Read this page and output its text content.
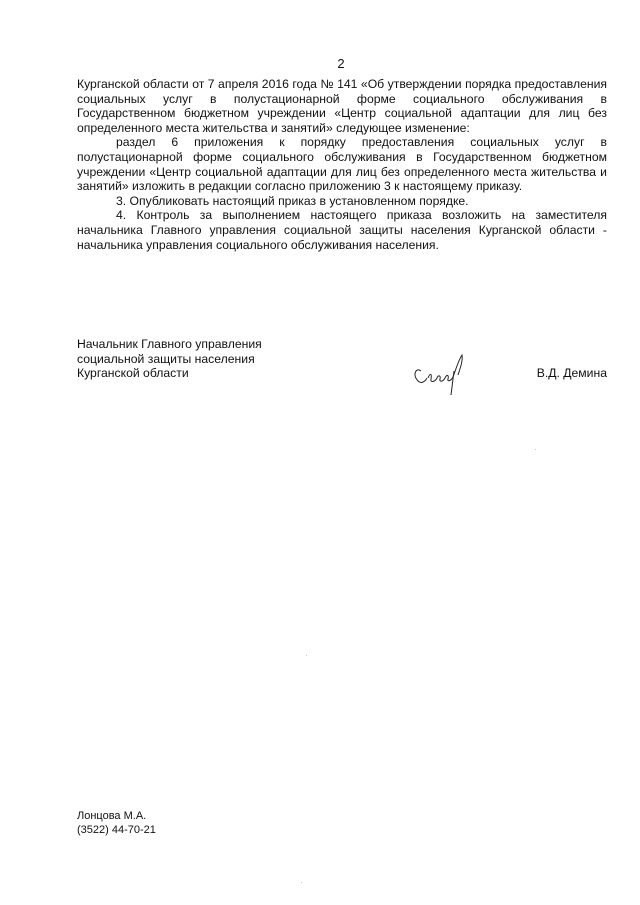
2

Курганской области от 7 апреля 2016 года № 141 «Об утверждении порядка предоставления социальных услуг в полустационарной форме социального обслуживания в Государственном бюджетном учреждении «Центр социальной адаптации для лиц без определенного места жительства и занятий» следующее изменение:

раздел 6 приложения к порядку предоставления социальных услуг в полустационарной форме социального обслуживания в Государственном бюджетном учреждении «Центр социальной адаптации для лиц без определенного места жительства и занятий» изложить в редакции согласно приложению 3 к настоящему приказу.

3. Опубликовать настоящий приказ в установленном порядке.

4. Контроль за выполнением настоящего приказа возложить на заместителя начальника Главного управления социальной защиты населения Курганской области - начальника управления социального обслуживания населения.

Начальник Главного управления
социальной защиты населения
Курганской области	В.Д. Демина
Лонцова М.А.
(3522) 44-70-21
